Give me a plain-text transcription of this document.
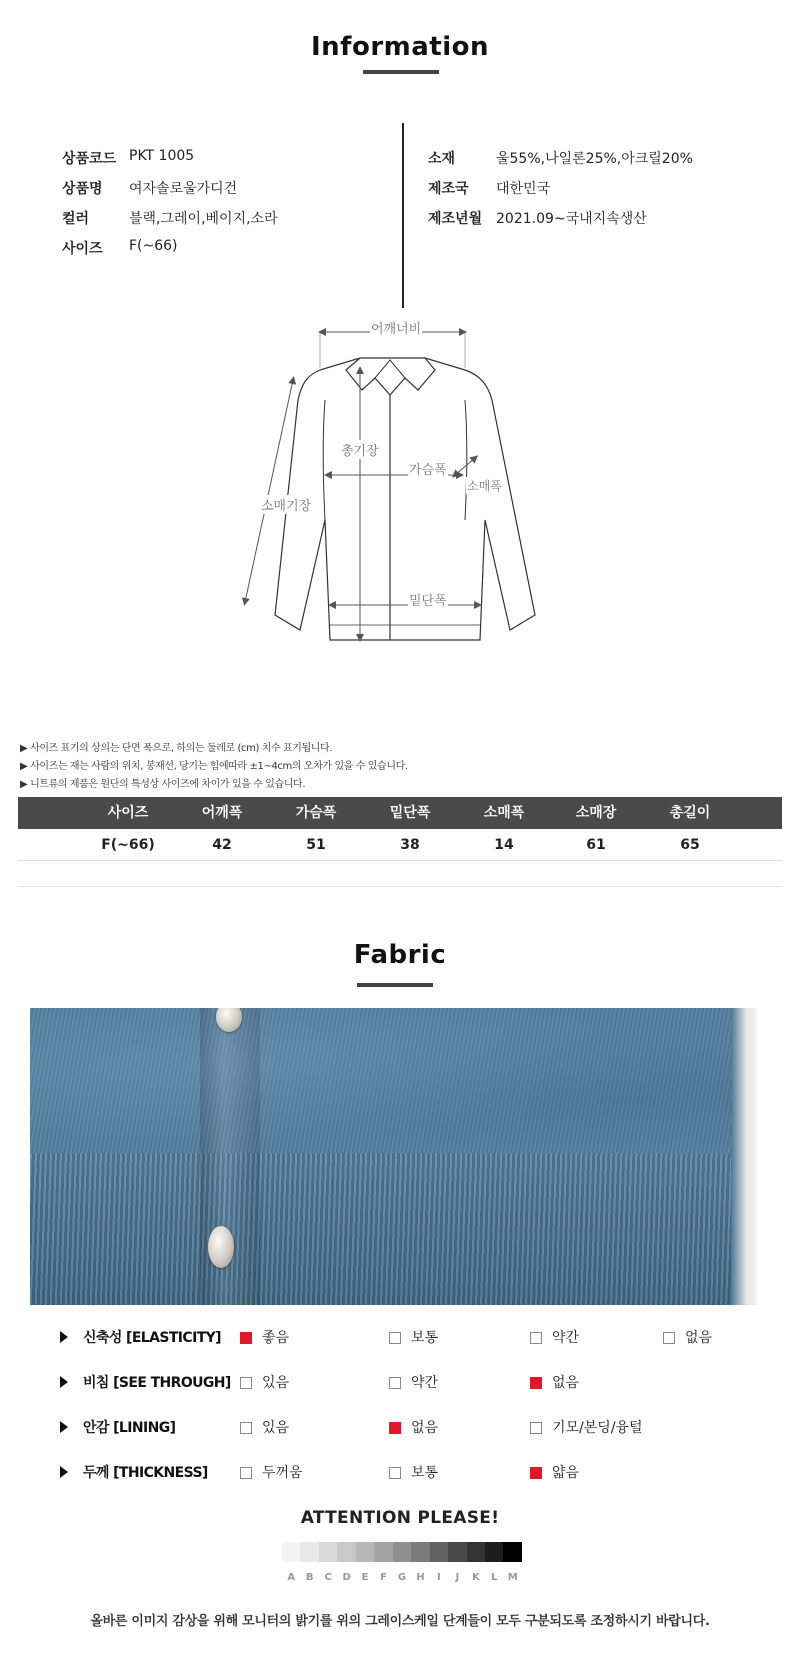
Information
상품코드 PKT 1005
상품명 여자솔로울가디건
컬러	블랙,그레이,베이지,소라
사이즈 F(~66)
소재	울55%,나일론25%,아크릴20%
제조국 대한민국
제조년월 2021.09~국내지속생산
어깨너비
총기장
가슴폭
소매폭
소매기장
밑단폭
▶ 사이즈 표기의 상의는 단면 폭으로, 하의는 둘레로 (cm) 치수 표기됩니다.
▶ 사이즈는 재는 사람의 위치, 봉재선, 당기는 힘에따라 ±1~4cm의 오차가 있을 수 있습니다.
▶ 니트류의 제품은 원단의 특성상 사이즈에 차이가 있을 수 있습니다.
사이즈	어깨폭	가슴폭	밑단폭	소매폭	소매장	총길이
F(~66)	42	51	38	14	61	65
Fabric
신축성 [ELASTICITY]	좋음	보통	약간	없음
비침 [SEE THROUGH] 있음	약간	없음
안감 [LINING]	있음	없음	기모/본딩/융털
두께 [THICKNESS]	두꺼움	보통	얇음
ATTENTION PLEASE!
A	B	C	D	E	F	G	H	I	J	K	L	M
올바른 이미지 감상을 위해 모니터의 밝기를 위의 그레이스케일 단계들이 모두 구분되도록 조정하시기 바랍니다.
